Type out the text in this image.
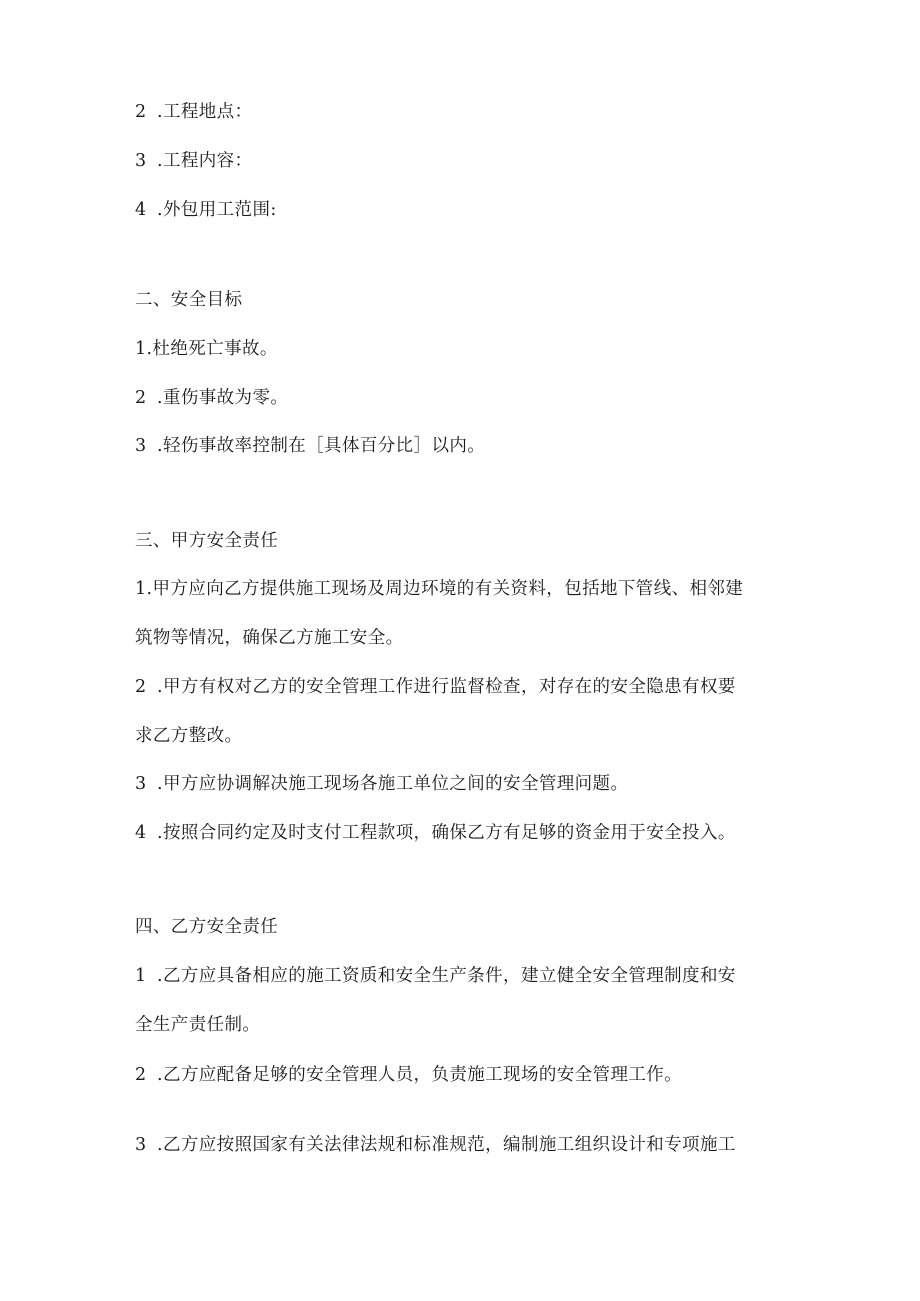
2 .工程地点：
3 .工程内容：
4 .外包用工范围:
二、安全目标
1.杜绝死亡事故。
2 .重伤事故为零。
3 .轻伤事故率控制在［具体百分比］以内。
三、甲方安全责任
1.甲方应向乙方提供施工现场及周边环境的有关资料，包括地下管线、相邻建
筑物等情况，确保乙方施工安全。
2 .甲方有权对乙方的安全管理工作进行监督检查，对存在的安全隐患有权要
求乙方整改。
3 .甲方应协调解决施工现场各施工单位之间的安全管理问题。
4 .按照合同约定及时支付工程款项，确保乙方有足够的资金用于安全投入。
四、乙方安全责任
1 .乙方应具备相应的施工资质和安全生产条件，建立健全安全管理制度和安
全生产责任制。
2 .乙方应配备足够的安全管理人员，负责施工现场的安全管理工作。
3 .乙方应按照国家有关法律法规和标准规范，编制施工组织设计和专项施工
